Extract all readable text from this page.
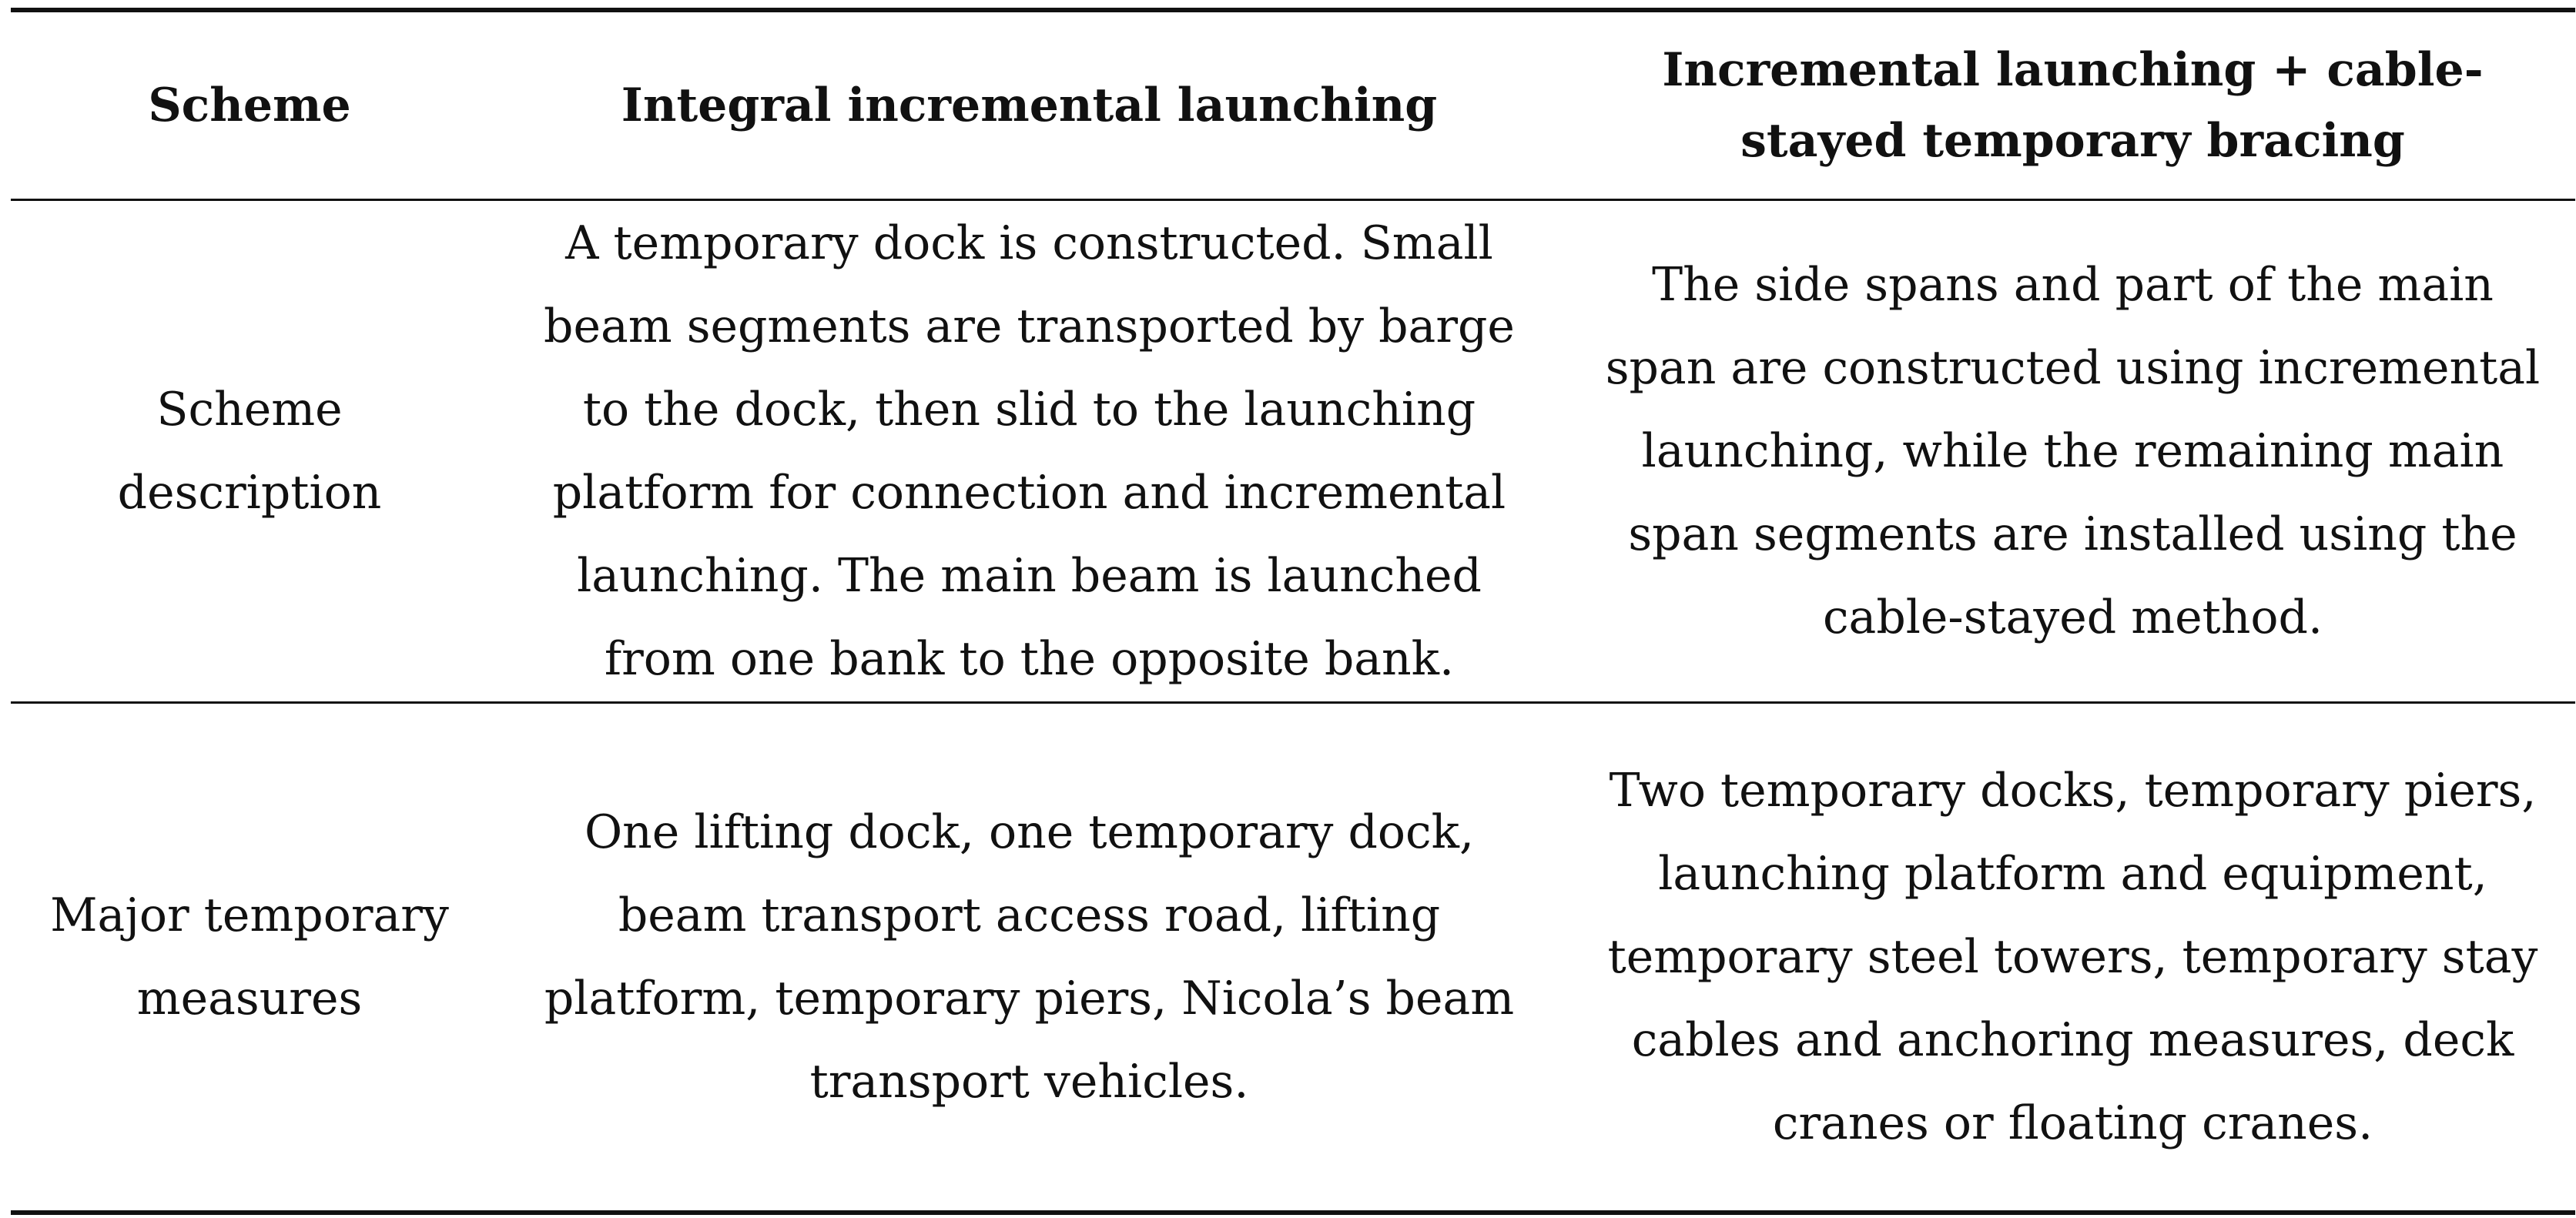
Scheme	Integral incremental launching	Incremental launching + cable-stayed temporary bracing
Scheme description	A temporary dock is constructed. Small beam segments are transported by barge to the dock, then slid to the launching platform for connection and incremental launching. The main beam is launched from one bank to the opposite bank.	The side spans and part of the main span are constructed using incremental launching, while the remaining main span segments are installed using the cable-stayed method.
Major temporary measures	One lifting dock, one temporary dock, beam transport access road, lifting platform, temporary piers, Nicola’s beam transport vehicles.	Two temporary docks, temporary piers, launching platform and equipment, temporary steel towers, temporary stay cables and anchoring measures, deck cranes or floating cranes.
